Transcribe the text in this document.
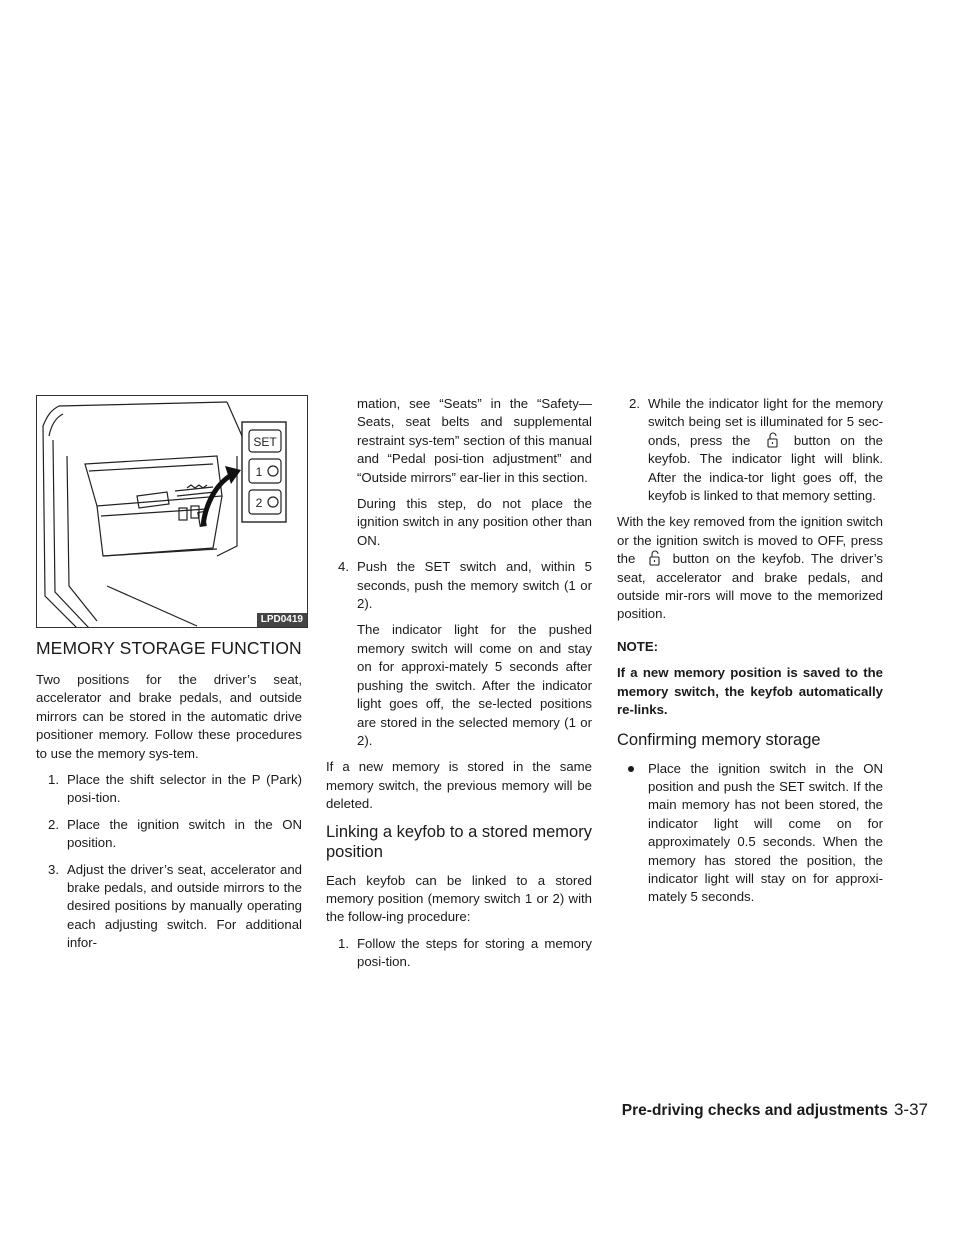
SET
1
2
LPD0419
MEMORY STORAGE FUNCTION

Two positions for the driver’s seat, accelerator and brake pedals, and outside mirrors can be stored in the automatic drive positioner memory. Follow these procedures to use the memory sys-tem.

1. Place the shift selector in the P (Park) posi-tion.
2. Place the ignition switch in the ON position.
3. Adjust the driver’s seat, accelerator and brake pedals, and outside mirrors to the desired positions by manually operating each adjusting switch. For additional infor-

mation, see “Seats” in the “Safety—Seats, seat belts and supplemental restraint sys-tem” section of this manual and “Pedal posi-tion adjustment” and “Outside mirrors” ear-lier in this section.

During this step, do not place the ignition switch in any position other than ON.

4. Push the SET switch and, within 5 seconds, push the memory switch (1 or 2).

The indicator light for the pushed memory switch will come on and stay on for approxi-mately 5 seconds after pushing the switch. After the indicator light goes off, the se-lected positions are stored in the selected memory (1 or 2).

If a new memory is stored in the same memory switch, the previous memory will be deleted.

Linking a keyfob to a stored memory position

Each keyfob can be linked to a stored memory position (memory switch 1 or 2) with the follow-ing procedure:

1. Follow the steps for storing a memory posi-tion.
2. While the indicator light for the memory switch being set is illuminated for 5 sec-onds, press the	button on the keyfob. The indicator light will blink. After the indica-tor light goes off, the keyfob is linked to that memory setting.

With the key removed from the ignition switch or the ignition switch is moved to OFF, press the	button on the keyfob. The driver’s seat, accelerator and brake pedals, and outside mir-rors will move to the memorized position.

NOTE:

If a new memory position is saved to the memory switch, the keyfob automatically re-links.

Confirming memory storage
Place the ignition switch in the ON position and push the SET switch. If the main memory has not been stored, the indicator light will come on for approximately 0.5 seconds. When the memory has stored the position, the indicator light will stay on for approxi-mately 5 seconds.
Pre-driving checks and adjustments 3-37
